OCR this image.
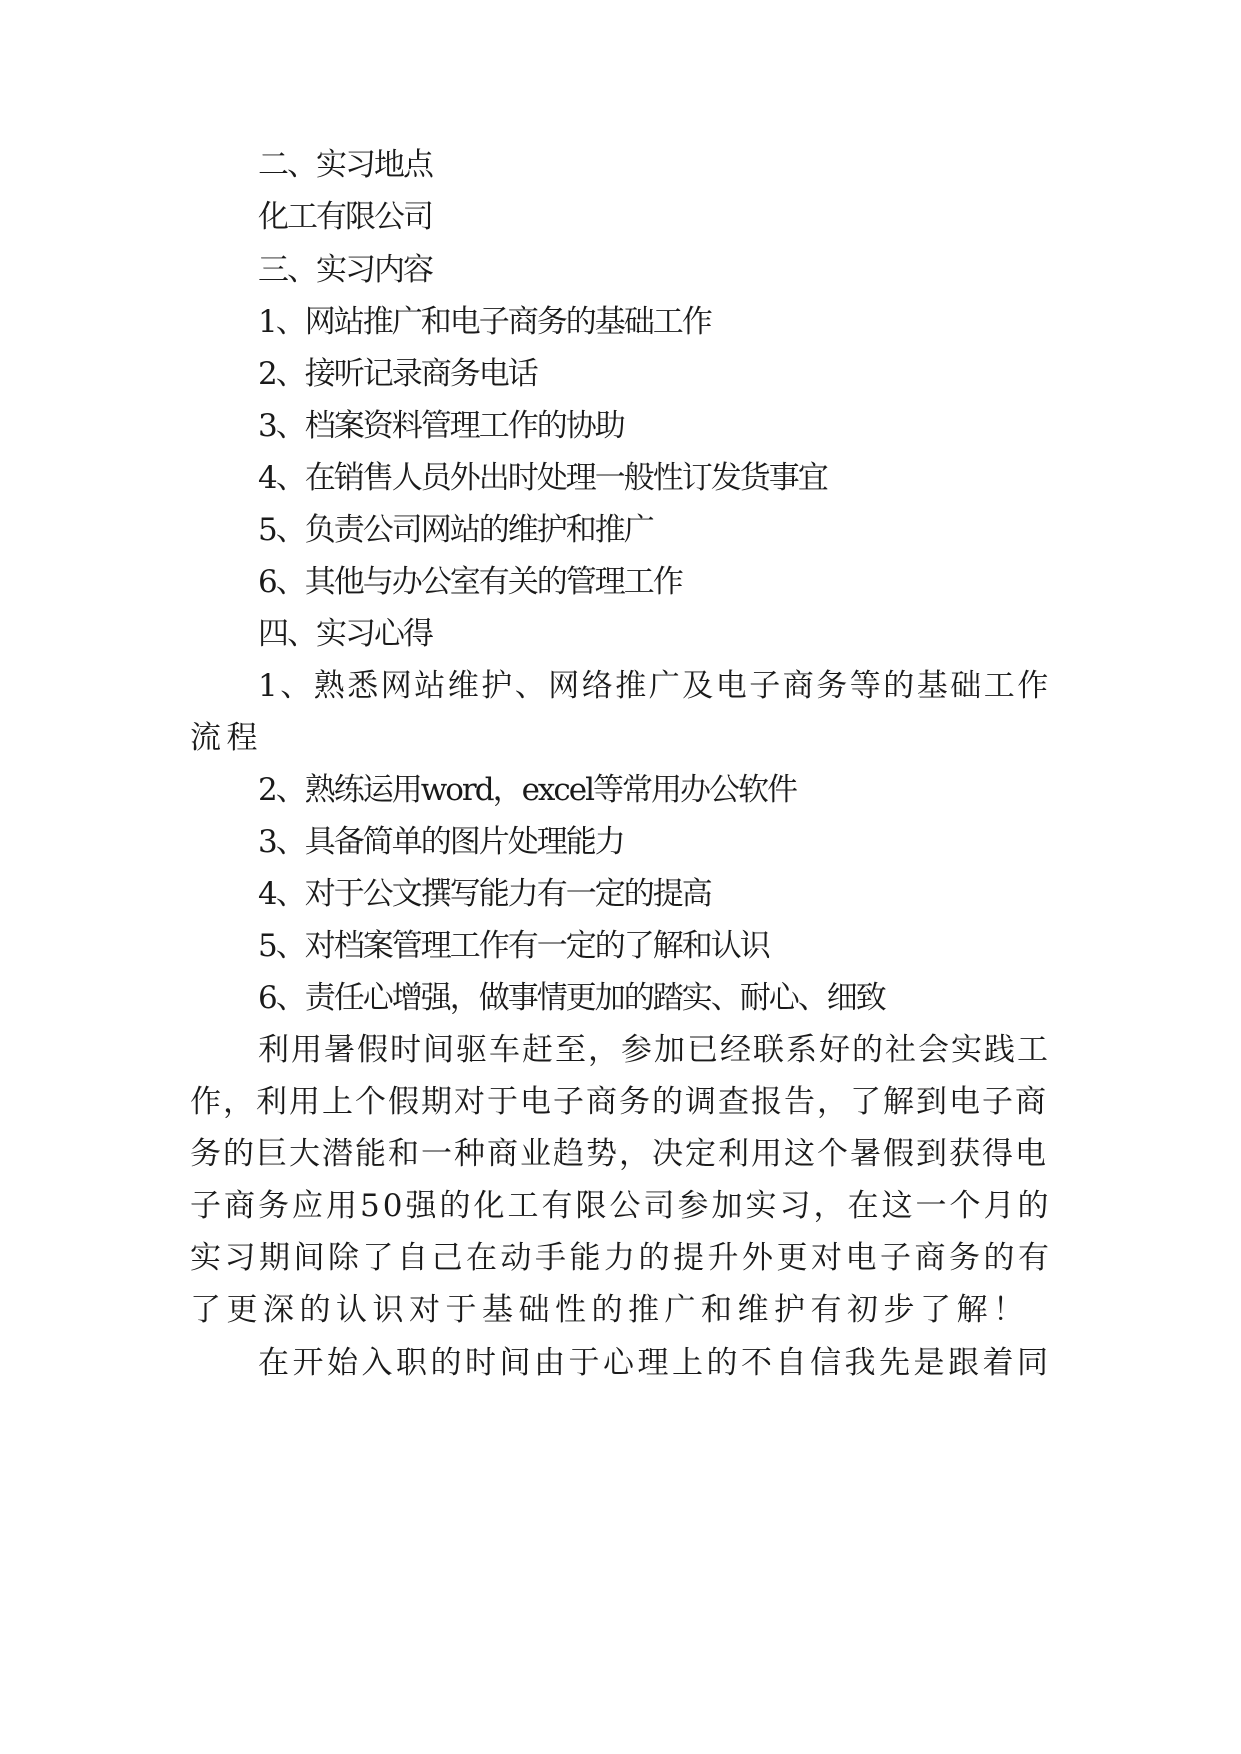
二、实习地点

化工有限公司

三、实习内容

1、网站推广和电子商务的基础工作

2、接听记录商务电话

3、档案资料管理工作的协助

4、在销售人员外出时处理一般性订发货事宜

5、负责公司网站的维护和推广

6、其他与办公室有关的管理工作

四、实习心得

1、熟悉网站维护、网络推广及电子商务等的基础工作

流程

2、熟练运用word，excel等常用办公软件

3、具备简单的图片处理能力

4、对于公文撰写能力有一定的提高

5、对档案管理工作有一定的了解和认识

6、责任心增强，做事情更加的踏实、耐心、细致

利用暑假时间驱车赶至，参加已经联系好的社会实践工

作，利用上个假期对于电子商务的调查报告，了解到电子商

务的巨大潜能和一种商业趋势，决定利用这个暑假到获得电

子商务应用50强的化工有限公司参加实习，在这一个月的

实习期间除了自己在动手能力的提升外更对电子商务的有

了更深的认识对于基础性的推广和维护有初步了解！

在开始入职的时间由于心理上的不自信我先是跟着同
